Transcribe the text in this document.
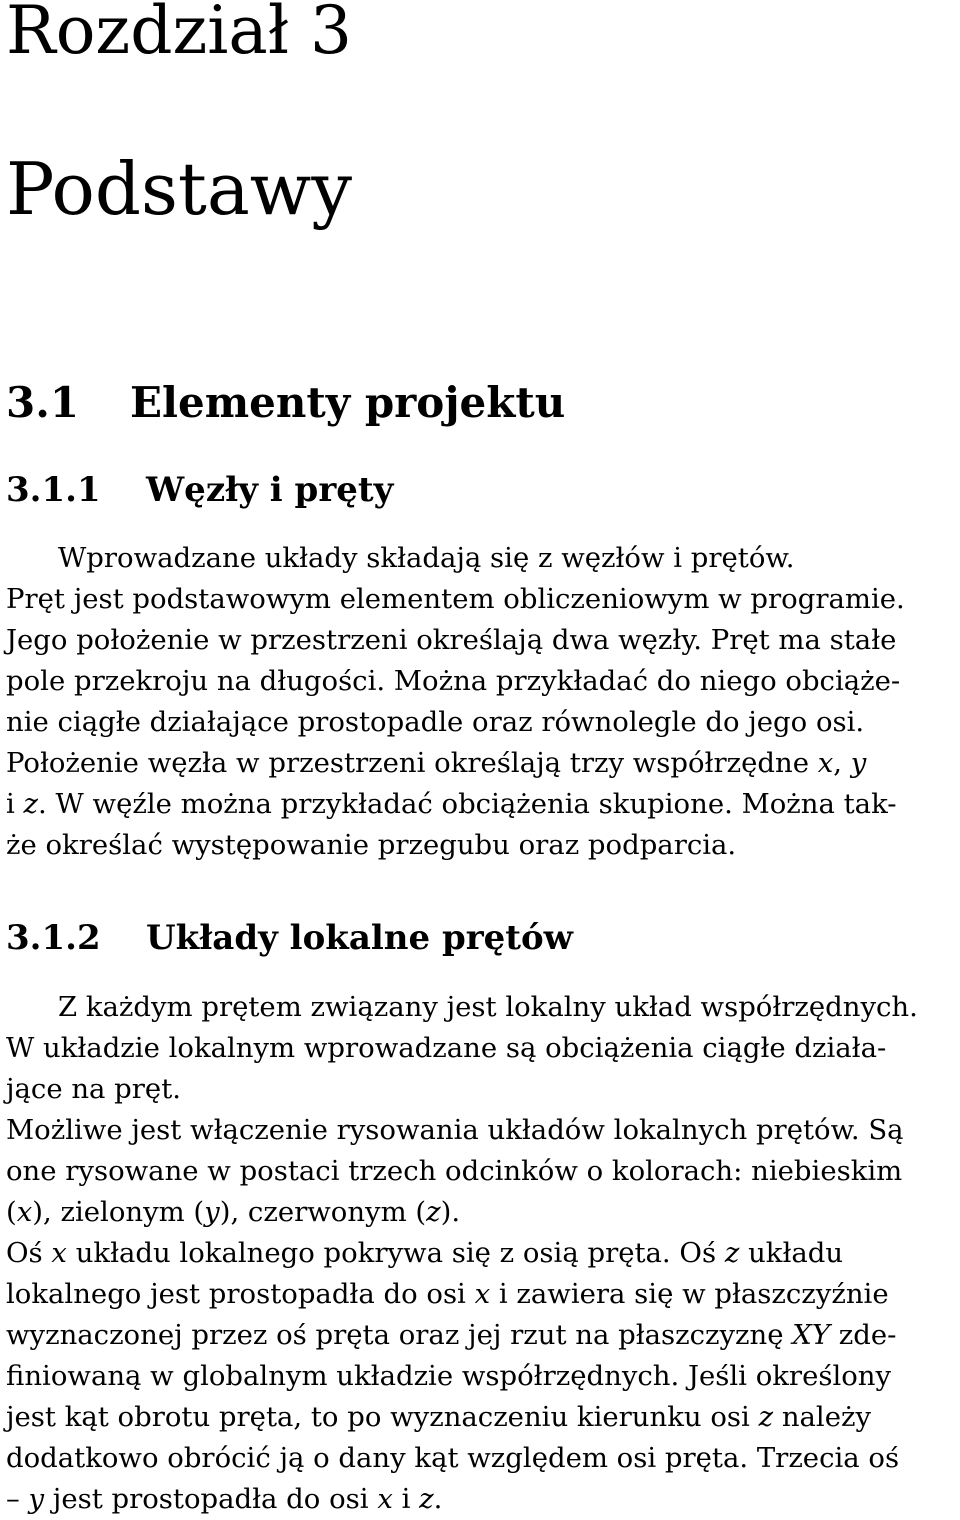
Rozdział 3
Podstawy
3.1 Elementy projektu
3.1.1 Węzły i pręty
Wprowadzane układy składają się z węzłów i prętów.
Pręt jest podstawowym elementem obliczeniowym w programie.
Jego położenie w przestrzeni określają dwa węzły. Pręt ma stałe
pole przekroju na długości. Można przykładać do niego obciąże-
nie ciągłe działające prostopadle oraz równolegle do jego osi.
Położenie węzła w przestrzeni określają trzy współrzędne x, y
i z. W węźle można przykładać obciążenia skupione. Można tak-
że określać występowanie przegubu oraz podparcia.
3.1.2 Układy lokalne prętów
Z każdym prętem związany jest lokalny układ współrzędnych.
W układzie lokalnym wprowadzane są obciążenia ciągłe działa-
jące na pręt.
Możliwe jest włączenie rysowania układów lokalnych prętów. Są
one rysowane w postaci trzech odcinków o kolorach: niebieskim
(x), zielonym (y), czerwonym (z).
Oś x układu lokalnego pokrywa się z osią pręta. Oś z układu
lokalnego jest prostopadła do osi x i zawiera się w płaszczyźnie
wyznaczonej przez oś pręta oraz jej rzut na płaszczyznę XY zde-
finiowaną w globalnym układzie współrzędnych. Jeśli określony
jest kąt obrotu pręta, to po wyznaczeniu kierunku osi z należy
dodatkowo obrócić ją o dany kąt względem osi pręta. Trzecia oś
– y jest prostopadła do osi x i z.
